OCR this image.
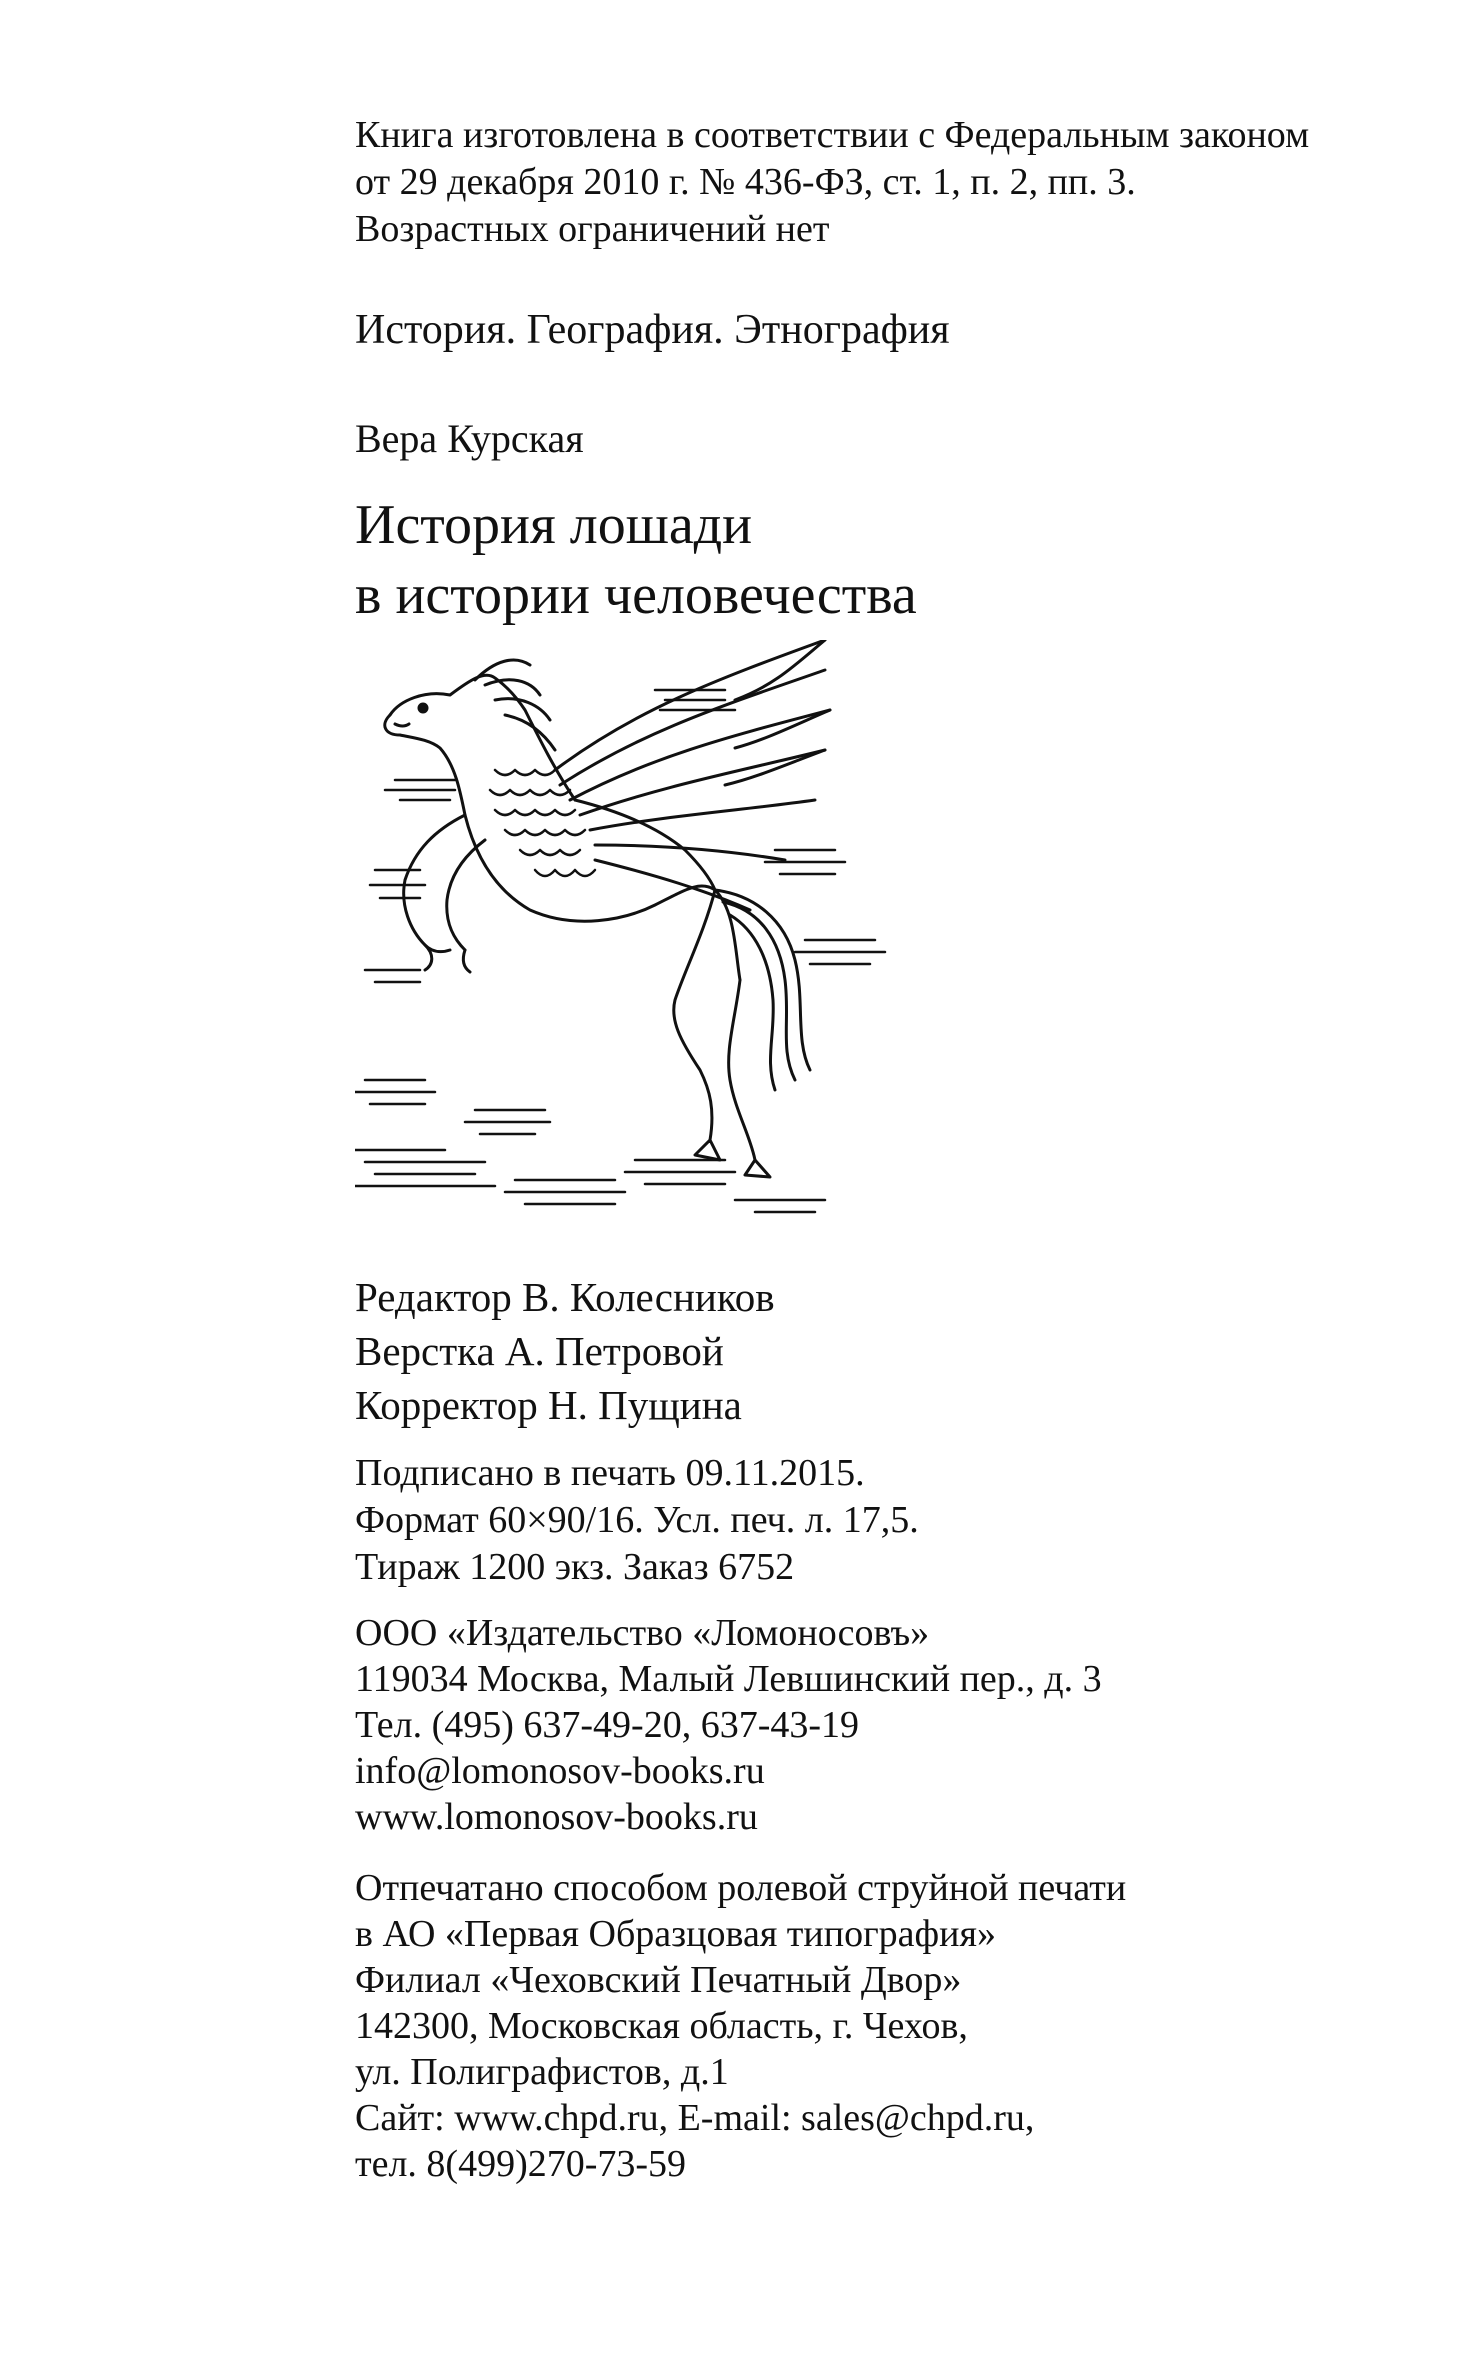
Книга изготовлена в соответствии с Федеральным законом
от 29 декабря 2010 г. № 436-ФЗ, ст. 1, п. 2, пп. 3.
Возрастных ограничений нет
История. География. Этнография
Вера Курская
История лошади
в истории человечества
Редактор В. Колесников
Верстка А. Петровой
Корректор Н. Пущина
Подписано в печать 09.11.2015.
Формат 60×90/16. Усл. печ. л. 17,5.
Тираж 1200 экз. Заказ 6752
ООО «Издательство «Ломоносовъ»
119034 Москва, Малый Левшинский пер., д. 3
Тел. (495) 637-49-20, 637-43-19
info@lomonosov-books.ru
www.lomonosov-books.ru
Отпечатано способом ролевой струйной печати
в АО «Первая Образцовая типография»
Филиал «Чеховский Печатный Двор»
142300, Московская область, г. Чехов,
ул. Полиграфистов, д.1
Сайт: www.chpd.ru, E-mail: sales@chpd.ru,
тел. 8(499)270-73-59
